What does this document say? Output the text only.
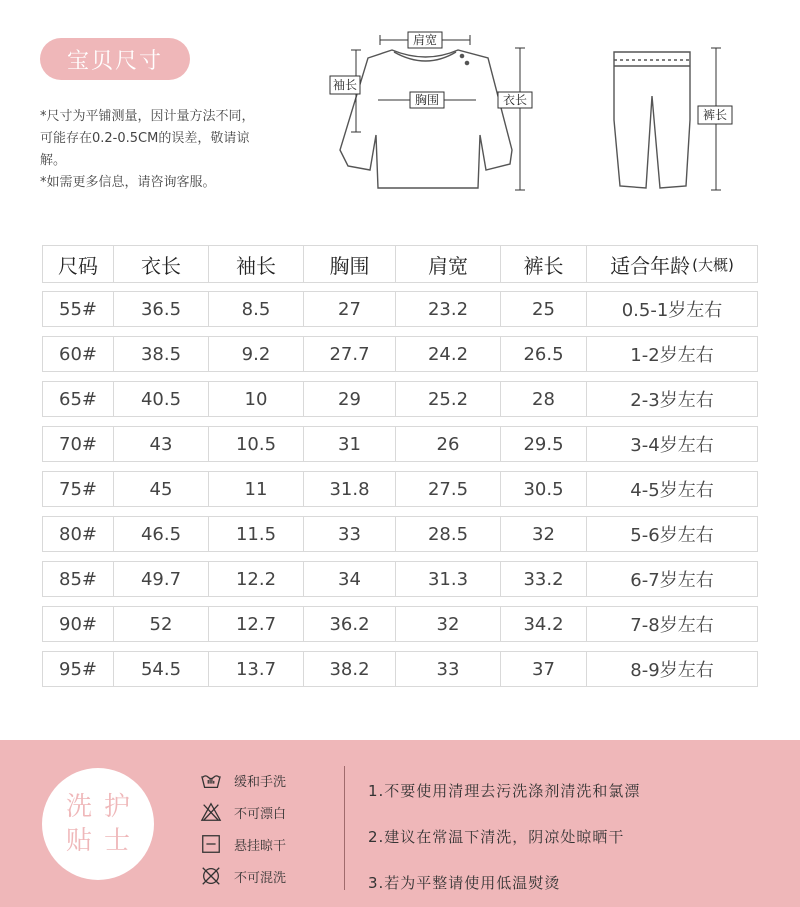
宝贝尺寸
*尺寸为平铺测量，因计量方法不同，可能存在0.2-0.5CM的误差，敬请谅解。
*如需更多信息，请咨询客服。
肩宽
袖长
胸围	衣长
裤长
尺码	衣长	袖长	胸围	肩宽	裤长	适合年龄 (大概)
55#	36.5	8.5	27	23.2	25	0.5-1岁左右
60#	38.5	9.2	27.7	24.2	26.5	1-2岁左右
65#	40.5	10	29	25.2	28	2-3岁左右
70#	43	10.5	31	26	29.5	3-4岁左右
75#	45	11	31.8	27.5	30.5	4-5岁左右
80#	46.5	11.5	33	28.5	32	5-6岁左右
85#	49.7	12.2	34	31.3	33.2	6-7岁左右
90#	52	12.7	36.2	32	34.2	7-8岁左右
95#	54.5	13.7	38.2	33	37	8-9岁左右
洗护
贴士
缓和手洗
不可漂白
悬挂晾干
不可混洗
1.不要使用清理去污洗涤剂清洗和氯漂
2.建议在常温下清洗，阴凉处晾晒干
3.若为平整请使用低温熨烫
